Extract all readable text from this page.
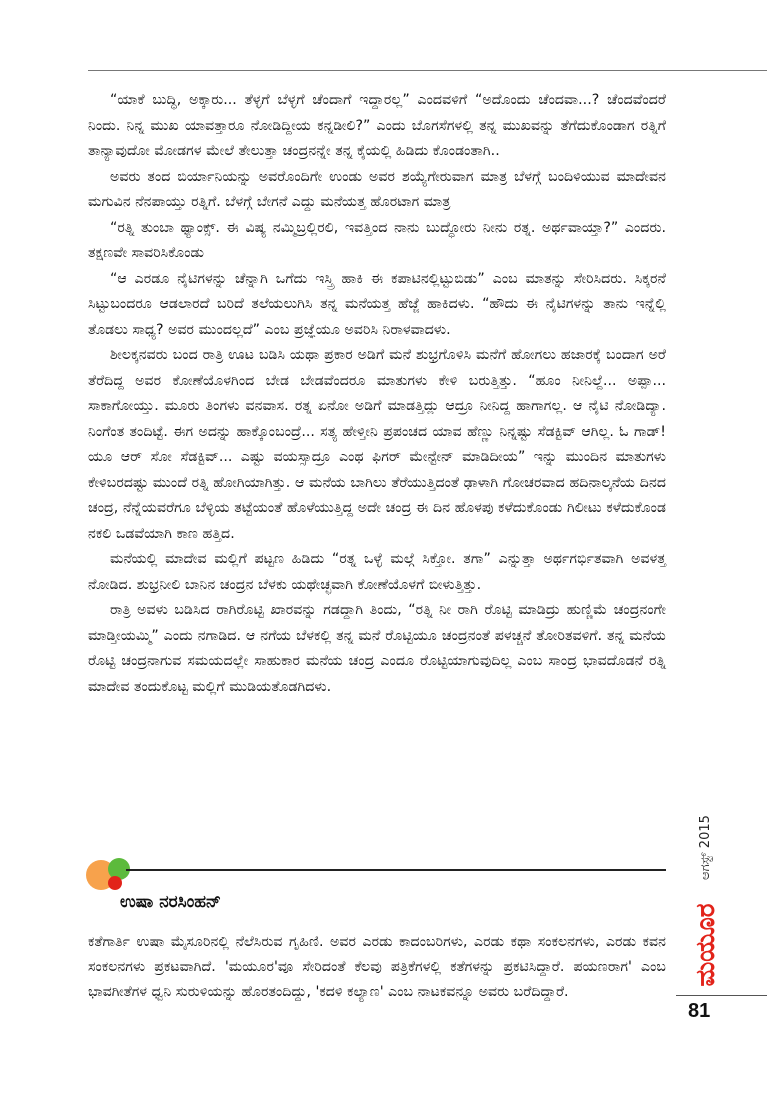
“ಯಾಕೆ ಬುದ್ಧಿ, ಅಕ್ಕಾರು... ತೆಳ್ಳಗೆ ಬೆಳ್ಳಗೆ ಚೆಂದಾಗೆ ಇದ್ದಾರಲ್ಲ” ಎಂದವಳಿಗೆ “ಅದೊಂದು ಚೆಂದವಾ...? ಚೆಂದವೆಂದರೆ ನಿಂದು. ನಿನ್ನ ಮುಖ ಯಾವತ್ತಾರೂ ನೋಡಿದ್ದೀಯ ಕನ್ನಡೀಲಿ?” ಎಂದು ಬೊಗಸೆಗಳಲ್ಲಿ ತನ್ನ ಮುಖವನ್ನು ತೆಗೆದುಕೊಂಡಾಗ ರತ್ನಿಗೆ ತಾನ್ಯಾವುದೋ ಮೋಡಗಳ ಮೇಲೆ ತೇಲುತ್ತಾ ಚಂದ್ರನನ್ನೇ ತನ್ನ ಕೈಯಲ್ಲಿ ಹಿಡಿದು ಕೊಂಡಂತಾಗಿ..

ಅವರು ತಂದ ಬಿರ್ಯಾನಿಯನ್ನು ಅವರೊಂದಿಗೇ ಉಂಡು ಅವರ ಶಯ್ಯೆಗೇರುವಾಗ ಮಾತ್ರ ಬೆಳಗ್ಗೆ ಬಂದಿಳಿಯುವ ಮಾದೇವನ ಮಗುವಿನ ನೆನಪಾಯ್ತು ರತ್ನಿಗೆ. ಬೆಳಗ್ಗೆ ಬೇಗನೆ ಎದ್ದು ಮನೆಯತ್ತ ಹೊರಟಾಗ ಮಾತ್ರ

“ರತ್ನಿ ತುಂಬಾ ಥ್ಯಾಂಕ್ಸ್. ಈ ವಿಷ್ಯ ನಮ್ಮಿಬ್ರಲ್ಲಿರಲಿ, ಇವತ್ತಿಂದ ನಾನು ಬುದ್ಧೋರು ನೀನು ರತ್ನ. ಅರ್ಥವಾಯ್ತಾ?” ಎಂದರು. ತಕ್ಷಣವೇ ಸಾವರಿಸಿಕೊಂಡು

“ಆ ಎರಡೂ ನೈಟಿಗಳನ್ನು ಚೆನ್ನಾಗಿ ಒಗೆದು ಇಸ್ತ್ರಿ ಹಾಕಿ ಈ ಕಪಾಟಿನಲ್ಲಿಟ್ಟುಬಿಡು” ಎಂಬ ಮಾತನ್ನು ಸೇರಿಸಿದರು. ಸಿಕ್ಕರನೆ ಸಿಟ್ಟುಬಂದರೂ ಆಡಲಾರದೆ ಬರಿದೆ ತಲೆಯಲುಗಿಸಿ ತನ್ನ ಮನೆಯತ್ತ ಹೆಜ್ಜೆ ಹಾಕಿದಳು. “ಹೌದು ಈ ನೈಟಿಗಳನ್ನು ತಾನು ಇನ್ನೆಲ್ಲಿ ತೊಡಲು ಸಾಧ್ಯ? ಅವರ ಮುಂದಲ್ಲದೆ” ಎಂಬ ಪ್ರಜ್ಞೆಯೂ ಅವರಿಸಿ ನಿರಾಳವಾದಳು.

ಶೀಲಕ್ಕನವರು ಬಂದ ರಾತ್ರಿ ಊಟ ಬಡಿಸಿ ಯಥಾ ಪ್ರಕಾರ ಅಡಿಗೆ ಮನೆ ಶುಭ್ರಗೊಳಿಸಿ ಮನೆಗೆ ಹೋಗಲು ಹಜಾರಕ್ಕೆ ಬಂದಾಗ ಅರೆ ತೆರೆದಿದ್ದ ಅವರ ಕೋಣೆಯೊಳಗಿಂದ ಬೇಡ ಬೇಡವೆಂದರೂ ಮಾತುಗಳು ಕೇಳಿ ಬರುತ್ತಿತ್ತು. “ಹೂಂ ನೀನಿಲ್ದೆ... ಅಪ್ಪಾ... ಸಾಕಾಗೋಯ್ತು. ಮೂರು ತಿಂಗಳು ವನವಾಸ. ರತ್ನ ಏನೋ ಅಡಿಗೆ ಮಾಡತ್ತಿದ್ಲು ಆದ್ರೂ ನೀನಿದ್ದ ಹಾಗಾಗಲ್ಲ. ಆ ನೈಟಿ ನೋಡಿದ್ಯಾ. ನಿಂಗೆಂತ ತಂದಿಟ್ಟೆ. ಈಗ ಅದನ್ನು ಹಾಕ್ಕೊಂಬಂದ್ರೆ... ಸತ್ಯ ಹೇಳ್ತೀನಿ ಪ್ರಪಂಚದ ಯಾವ ಹೆಣ್ಣು ನಿನ್ನಷ್ಟು ಸೆಡಕ್ಟಿವ್ ಆಗಿಲ್ಲ. ಓ ಗಾಡ್! ಯೂ ಆರ್ ಸೋ ಸೆಡಕ್ಟಿವ್... ಎಷ್ಟು ವಯಸ್ಸಾದ್ರೂ ಎಂಥ ಫಿಗರ್ ಮೇನ್ಟೇನ್ ಮಾಡಿದೀಯ” ಇನ್ನು ಮುಂದಿನ ಮಾತುಗಳು ಕೇಳಿಬರದಷ್ಟು ಮುಂದೆ ರತ್ನಿ ಹೋಗಿಯಾಗಿತ್ತು. ಆ ಮನೆಯ ಬಾಗಿಲು ತೆರೆಯುತ್ತಿದಂತೆ ಢಾಳಾಗಿ ಗೋಚರವಾದ ಹದಿನಾಲ್ಕನೆಯ ದಿನದ ಚಂದ್ರ, ನೆನ್ನೆಯವರೆಗೂ ಬೆಳ್ಳಿಯ ತಟ್ಟೆಯಂತೆ ಹೊಳೆಯುತ್ತಿದ್ದ ಅದೇ ಚಂದ್ರ ಈ ದಿನ ಹೊಳಪು ಕಳೆದುಕೊಂಡು ಗಿಲೀಟು ಕಳೆದುಕೊಂಡ ನಕಲಿ ಒಡವೆಯಾಗಿ ಕಾಣ ಹತ್ತಿದ.

ಮನೆಯಲ್ಲಿ ಮಾದೇವ ಮಲ್ಲಿಗೆ ಪಟ್ಟಣ ಹಿಡಿದು “ರತ್ನ ಒಳ್ಳೆ ಮಲ್ಗೆ ಸಿಕ್ತೋ. ತಗಾ” ಎನ್ನುತ್ತಾ ಅರ್ಥಗರ್ಭಿತವಾಗಿ ಅವಳತ್ತ ನೋಡಿದ. ಶುಭ್ರನೀಲಿ ಬಾನಿನ ಚಂದ್ರನ ಬೆಳಕು ಯಥೇಚ್ಛವಾಗಿ ಕೋಣೆಯೊಳಗೆ ಬೀಳುತ್ತಿತ್ತು.

ರಾತ್ರಿ ಅವಳು ಬಡಿಸಿದ ರಾಗಿರೊಟ್ಟಿ ಖಾರವನ್ನು ಗಡದ್ದಾಗಿ ತಿಂದು, “ರತ್ನಿ ನೀ ರಾಗಿ ರೊಟ್ಟಿ ಮಾಡಿದ್ರು ಹುಣ್ಣಿಮೆ ಚಂದ್ರನಂಗೇ ಮಾಡ್ತೀಯಮ್ಮಿ” ಎಂದು ನಗಾಡಿದ. ಆ ನಗೆಯ ಬೆಳಕಲ್ಲಿ ತನ್ನ ಮನೆ ರೊಟ್ಟಿಯೂ ಚಂದ್ರನಂತೆ ಪಳಚ್ಚನೆ ತೋರಿತವಳಿಗೆ. ತನ್ನ ಮನೆಯ ರೊಟ್ಟಿ ಚಂದ್ರನಾಗುವ ಸಮಯದಲ್ಲೇ ಸಾಹುಕಾರ ಮನೆಯ ಚಂದ್ರ ಎಂದೂ ರೊಟ್ಟಿಯಾಗುವುದಿಲ್ಲ ಎಂಬ ಸಾಂದ್ರ ಭಾವದೊಡನೆ ರತ್ನಿ ಮಾದೇವ ತಂದುಕೊಟ್ಟ ಮಲ್ಲಿಗೆ ಮುಡಿಯತೊಡಗಿದಳು.

ಉಷಾ ನರಸಿಂಹನ್
ಕತೆಗಾರ್ತಿ ಉಷಾ ಮೈಸೂರಿನಲ್ಲಿ ನೆಲೆಸಿರುವ ಗೃಹಿಣಿ. ಅವರ ಎರಡು ಕಾದಂಬರಿಗಳು, ಎರಡು ಕಥಾ ಸಂಕಲನಗಳು, ಎರಡು ಕವನ ಸಂಕಲನಗಳು ಪ್ರಕಟವಾಗಿದೆ. 'ಮಯೂರ'ವೂ ಸೇರಿದಂತೆ ಕೆಲವು ಪತ್ರಿಕೆಗಳಲ್ಲಿ ಕತೆಗಳನ್ನು ಪ್ರಕಟಿಸಿದ್ದಾರೆ. ಪಯಣರಾಗ' ಎಂಬ ಭಾವಗೀತೆಗಳ ಧ್ವನಿ ಸುರುಳಿಯನ್ನು ಹೊರತಂದಿದ್ದು, 'ಕದಳಿ ಕಲ್ಯಾಣ' ಎಂಬ ನಾಟಕವನ್ನೂ ಅವರು ಬರೆದಿದ್ದಾರೆ.
ಆಗಸ್ಟ್ 2015
ಮಯೂರ
81
